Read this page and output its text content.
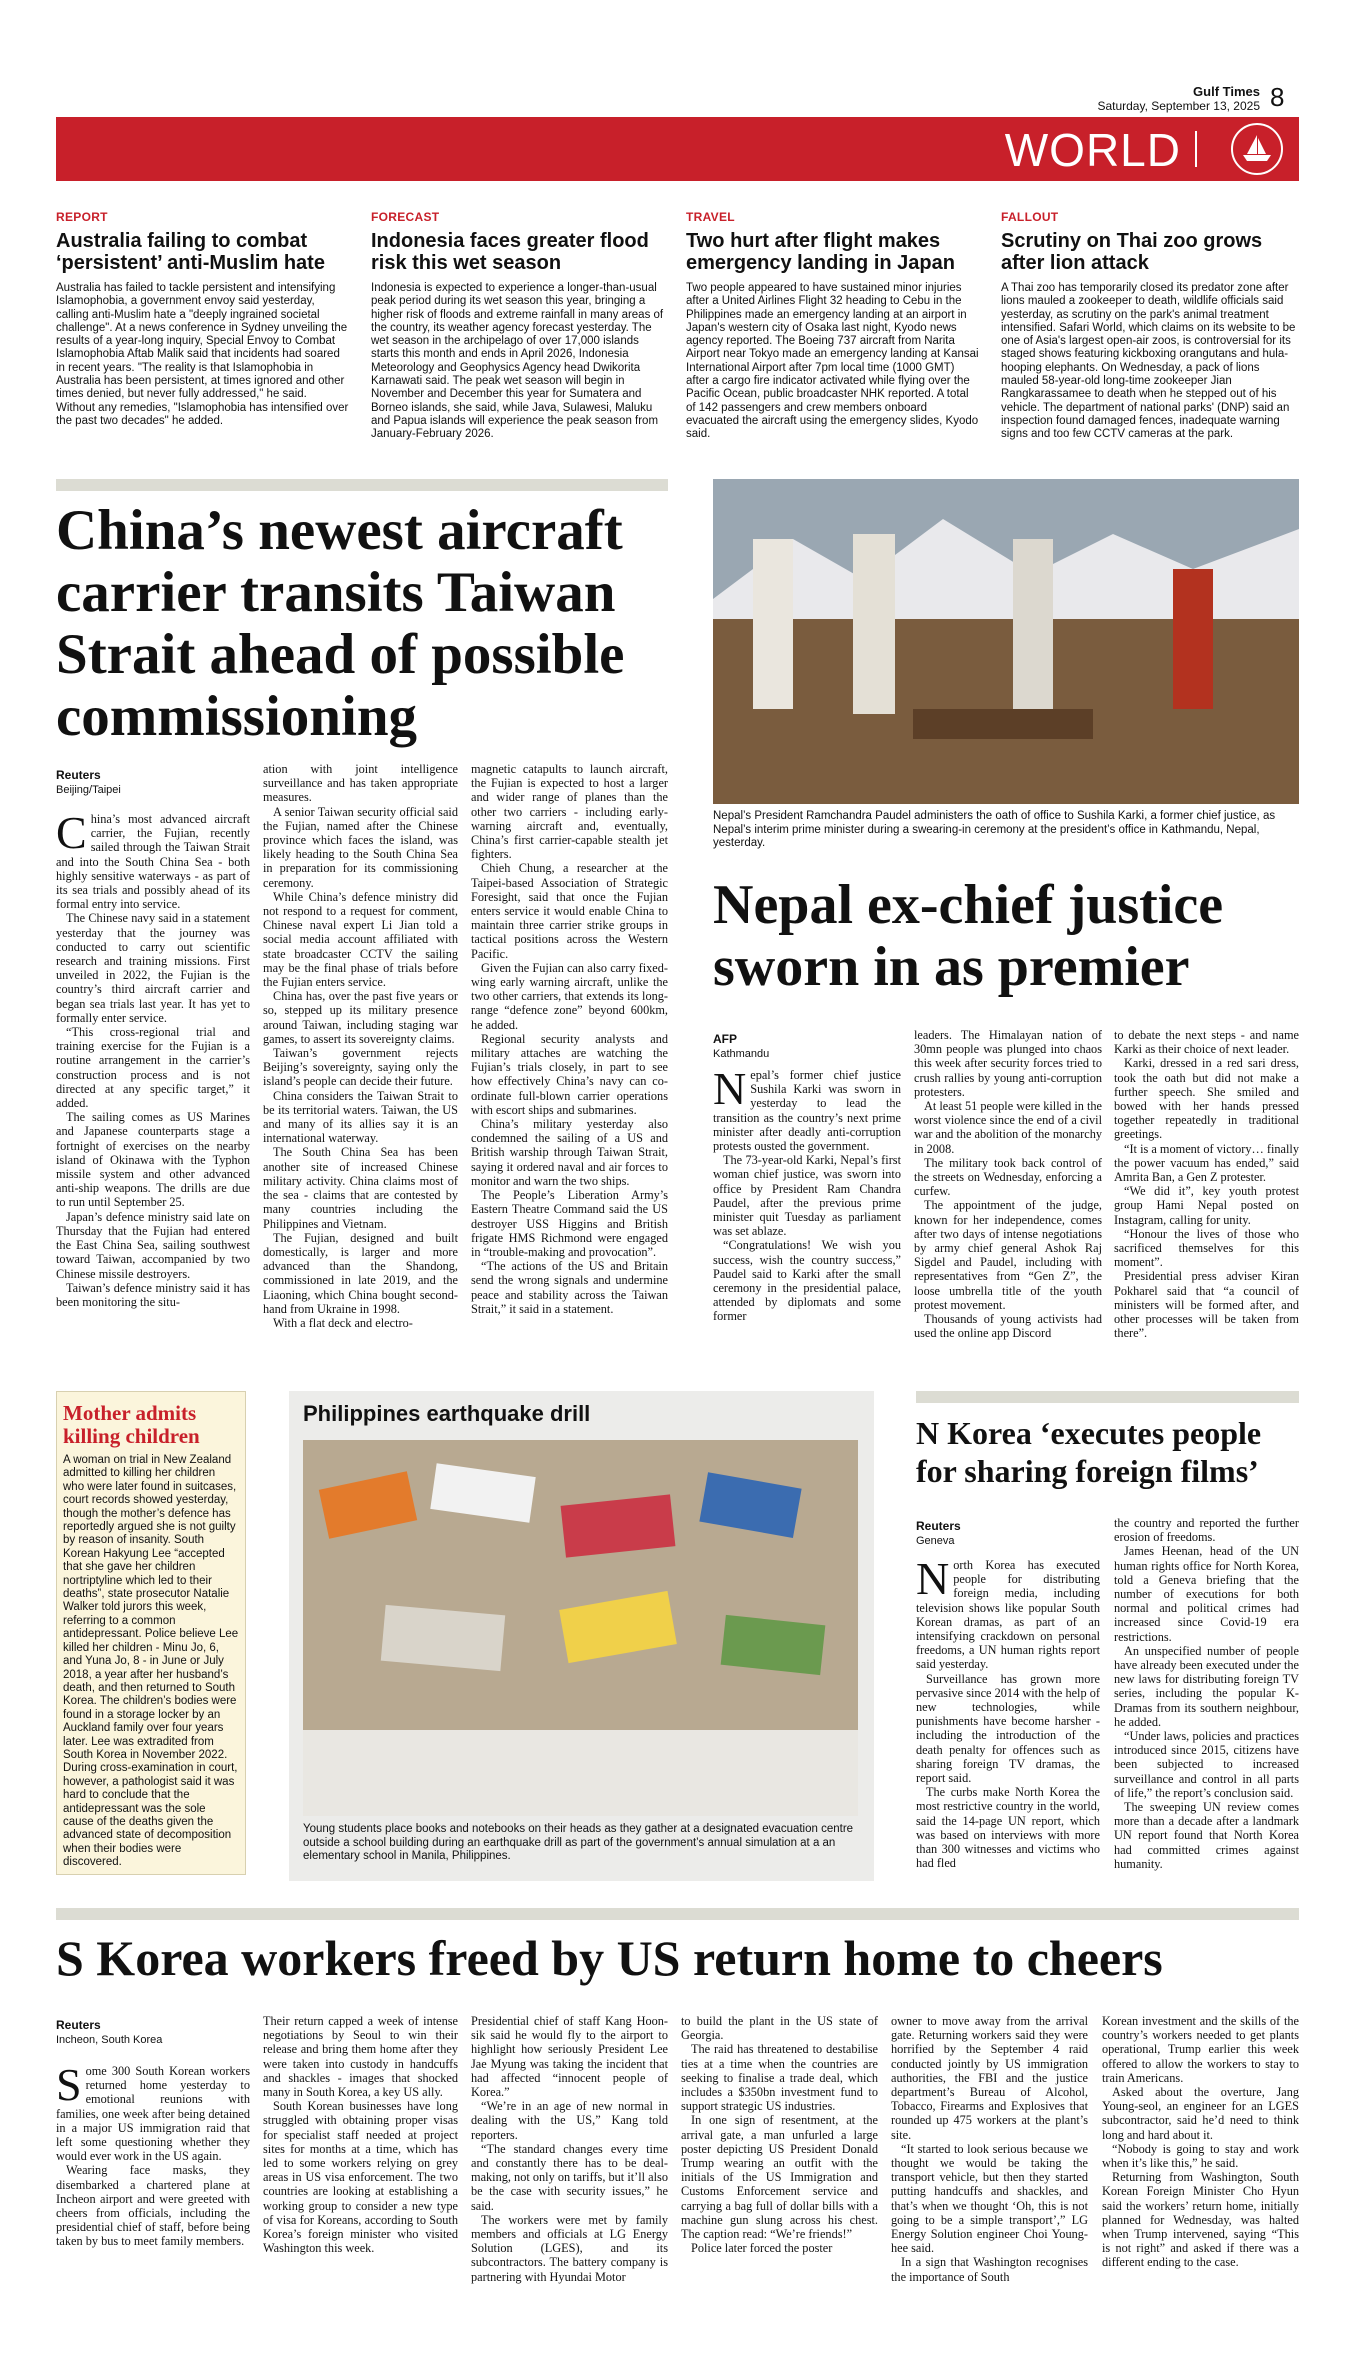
Gulf Times
Saturday, September 13, 2025 8
WORLD
REPORT
Australia failing to combat ‘persistent’ anti-Muslim hate
Australia has failed to tackle persistent and intensifying Islamophobia, a government envoy said yesterday, calling anti-Muslim hate a "deeply ingrained societal challenge". At a news conference in Sydney unveiling the results of a year-long inquiry, Special Envoy to Combat Islamophobia Aftab Malik said that incidents had soared in recent years. "The reality is that Islamophobia in Australia has been persistent, at times ignored and other times denied, but never fully addressed," he said. Without any remedies, "Islamophobia has intensified over the past two decades" he added.
FORECAST
Indonesia faces greater flood risk this wet season
Indonesia is expected to experience a longer-than-usual peak period during its wet season this year, bringing a higher risk of floods and extreme rainfall in many areas of the country, its weather agency forecast yesterday. The wet season in the archipelago of over 17,000 islands starts this month and ends in April 2026, Indonesia Meteorology and Geophysics Agency head Dwikorita Karnawati said. The peak wet season will begin in November and December this year for Sumatera and Borneo islands, she said, while Java, Sulawesi, Maluku and Papua islands will experience the peak season from January-February 2026.
TRAVEL
Two hurt after flight makes emergency landing in Japan
Two people appeared to have sustained minor injuries after a United Airlines Flight 32 heading to Cebu in the Philippines made an emergency landing at an airport in Japan's western city of Osaka last night, Kyodo news agency reported. The Boeing 737 aircraft from Narita Airport near Tokyo made an emergency landing at Kansai International Airport after 7pm local time (1000 GMT) after a cargo fire indicator activated while flying over the Pacific Ocean, public broadcaster NHK reported. A total of 142 passengers and crew members onboard evacuated the aircraft using the emergency slides, Kyodo said.
FALLOUT
Scrutiny on Thai zoo grows after lion attack
A Thai zoo has temporarily closed its predator zone after lions mauled a zookeeper to death, wildlife officials said yesterday, as scrutiny on the park's animal treatment intensified. Safari World, which claims on its website to be one of Asia's largest open-air zoos, is controversial for its staged shows featuring kickboxing orangutans and hula-hooping elephants. On Wednesday, a pack of lions mauled 58-year-old long-time zookeeper Jian Rangkarassamee to death when he stepped out of his vehicle. The department of national parks' (DNP) said an inspection found damaged fences, inadequate warning signs and too few CCTV cameras at the park.
China’s newest aircraft carrier transits Taiwan Strait ahead of possible commissioning
Reuters
Beijing/Taipei

China’s most advanced aircraft carrier, the Fujian, recently sailed through the Taiwan Strait and into the South China Sea - both highly sensitive waterways - as part of its sea trials and possibly ahead of its formal entry into service.

The Chinese navy said in a statement yesterday that the journey was conducted to carry out scientific research and training missions. First unveiled in 2022, the Fujian is the country’s third aircraft carrier and began sea trials last year. It has yet to formally enter service.

“This cross-regional trial and training exercise for the Fujian is a routine arrangement in the carrier’s construction process and is not directed at any specific target,” it added.

The sailing comes as US Marines and Japanese counterparts stage a fortnight of exercises on the nearby island of Okinawa with the Typhon missile system and other advanced anti-ship weapons. The drills are due to run until September 25.

Japan’s defence ministry said late on Thursday that the Fujian had entered the East China Sea, sailing southwest toward Taiwan, accompanied by two Chinese missile destroyers.

Taiwan’s defence ministry said it has been monitoring the situ-

ation with joint intelligence surveillance and has taken appropriate measures.

A senior Taiwan security official said the Fujian, named after the Chinese province which faces the island, was likely heading to the South China Sea in preparation for its commissioning ceremony.

While China’s defence ministry did not respond to a request for comment, Chinese naval expert Li Jian told a social media account affiliated with state broadcaster CCTV the sailing may be the final phase of trials before the Fujian enters service.

China has, over the past five years or so, stepped up its military presence around Taiwan, including staging war games, to assert its sovereignty claims.

Taiwan’s government rejects Beijing’s sovereignty, saying only the island’s people can decide their future.

China considers the Taiwan Strait to be its territorial waters. Taiwan, the US and many of its allies say it is an international waterway.

The South China Sea has been another site of increased Chinese military activity. China claims most of the sea - claims that are contested by many countries including the Philippines and Vietnam.

The Fujian, designed and built domestically, is larger and more advanced than the Shandong, commissioned in late 2019, and the Liaoning, which China bought second-hand from Ukraine in 1998.

With a flat deck and electro-

magnetic catapults to launch aircraft, the Fujian is expected to host a larger and wider range of planes than the other two carriers - including early-warning aircraft and, eventually, China’s first carrier-capable stealth jet fighters.

Chieh Chung, a researcher at the Taipei-based Association of Strategic Foresight, said that once the Fujian enters service it would enable China to maintain three carrier strike groups in tactical positions across the Western Pacific.

Given the Fujian can also carry fixed-wing early warning aircraft, unlike the two other carriers, that extends its long-range “defence zone” beyond 600km, he added.

Regional security analysts and military attaches are watching the Fujian’s trials closely, in part to see how effectively China’s navy can co-ordinate full-blown carrier operations with escort ships and submarines.

China’s military yesterday also condemned the sailing of a US and British warship through Taiwan Strait, saying it ordered naval and air forces to monitor and warn the two ships.

The People’s Liberation Army’s Eastern Theatre Command said the US destroyer USS Higgins and British frigate HMS Richmond were engaged in “trouble-making and provocation”.

“The actions of the US and Britain send the wrong signals and undermine peace and stability across the Taiwan Strait,” it said in a statement.

Nepal’s President Ramchandra Paudel administers the oath of office to Sushila Karki, a former chief justice, as Nepal’s interim prime minister during a swearing-in ceremony at the president’s office in Kathmandu, Nepal, yesterday.
Nepal ex-chief justice sworn in as premier
AFP
Kathmandu

Nepal’s former chief justice Sushila Karki was sworn in yesterday to lead the transition as the country’s next prime minister after deadly anti-corruption protests ousted the government.

The 73-year-old Karki, Nepal’s first woman chief justice, was sworn into office by President Ram Chandra Paudel, after the previous prime minister quit Tuesday as parliament was set ablaze.

“Congratulations! We wish you success, wish the country success,” Paudel said to Karki after the small ceremony in the presidential palace, attended by diplomats and some former

leaders. The Himalayan nation of 30mn people was plunged into chaos this week after security forces tried to crush rallies by young anti-corruption protesters.

At least 51 people were killed in the worst violence since the end of a civil war and the abolition of the monarchy in 2008.

The military took back control of the streets on Wednesday, enforcing a curfew.

The appointment of the judge, known for her independence, comes after two days of intense negotiations by army chief general Ashok Raj Sigdel and Paudel, including with representatives from “Gen Z”, the loose umbrella title of the youth protest movement.

Thousands of young activists had used the online app Discord

to debate the next steps - and name Karki as their choice of next leader.

Karki, dressed in a red sari dress, took the oath but did not make a further speech. She smiled and bowed with her hands pressed together repeatedly in traditional greetings.

“It is a moment of victory… finally the power vacuum has ended,” said Amrita Ban, a Gen Z protester.

“We did it”, key youth protest group Hami Nepal posted on Instagram, calling for unity.

“Honour the lives of those who sacrificed themselves for this moment”.

Presidential press adviser Kiran Pokharel said that “a council of ministers will be formed after, and other processes will be taken from there”.

Mother admits killing children
A woman on trial in New Zealand admitted to killing her children who were later found in suitcases, court records showed yesterday, though the mother’s defence has reportedly argued she is not guilty by reason of insanity. South Korean Hakyung Lee “accepted that she gave her children nortriptyline which led to their deaths”, state prosecutor Natalie Walker told jurors this week, referring to a common antidepressant. Police believe Lee killed her children - Minu Jo, 6, and Yuna Jo, 8 - in June or July 2018, a year after her husband’s death, and then returned to South Korea. The children’s bodies were found in a storage locker by an Auckland family over four years later. Lee was extradited from South Korea in November 2022. During cross-examination in court, however, a pathologist said it was hard to conclude that the antidepressant was the sole cause of the deaths given the advanced state of decomposition when their bodies were discovered.
Philippines earthquake drill
Young students place books and notebooks on their heads as they gather at a designated evacuation centre outside a school building during an earthquake drill as part of the government’s annual simulation at a an elementary school in Manila, Philippines.
N Korea ‘executes people for sharing foreign films’
Reuters
Geneva

North Korea has executed people for distributing foreign media, including television shows like popular South Korean dramas, as part of an intensifying crackdown on personal freedoms, a UN human rights report said yesterday.

Surveillance has grown more pervasive since 2014 with the help of new technologies, while punishments have become harsher - including the introduction of the death penalty for offences such as sharing foreign TV dramas, the report said.

The curbs make North Korea the most restrictive country in the world, said the 14-page UN report, which was based on interviews with more than 300 witnesses and victims who had fled

the country and reported the further erosion of freedoms.

James Heenan, head of the UN human rights office for North Korea, told a Geneva briefing that the number of executions for both normal and political crimes had increased since Covid-19 era restrictions.

An unspecified number of people have already been executed under the new laws for distributing foreign TV series, including the popular K-Dramas from its southern neighbour, he added.

“Under laws, policies and practices introduced since 2015, citizens have been subjected to increased surveillance and control in all parts of life,” the report’s conclusion said.

The sweeping UN review comes more than a decade after a landmark UN report found that North Korea had committed crimes against humanity.

S Korea workers freed by US return home to cheers
Reuters
Incheon, South Korea

Some 300 South Korean workers returned home yesterday to emotional reunions with families, one week after being detained in a major US immigration raid that left some questioning whether they would ever work in the US again.

Wearing face masks, they disembarked a chartered plane at Incheon airport and were greeted with cheers from officials, including the presidential chief of staff, before being taken by bus to meet family members.

Their return capped a week of intense negotiations by Seoul to win their release and bring them home after they were taken into custody in handcuffs and shackles - images that shocked many in South Korea, a key US ally.

South Korean businesses have long struggled with obtaining proper visas for specialist staff needed at project sites for months at a time, which has led to some workers relying on grey areas in US visa enforcement. The two countries are looking at establishing a working group to consider a new type of visa for Koreans, according to South Korea’s foreign minister who visited Washington this week.

Presidential chief of staff Kang Hoon-sik said he would fly to the airport to highlight how seriously President Lee Jae Myung was taking the incident that had affected “innocent people of Korea.”

“We’re in an age of new normal in dealing with the US,” Kang told reporters.

“The standard changes every time and constantly there has to be deal-making, not only on tariffs, but it’ll also be the case with security issues,” he said.

The workers were met by family members and officials at LG Energy Solution (LGES), and its subcontractors. The battery company is partnering with Hyundai Motor

to build the plant in the US state of Georgia.

The raid has threatened to destabilise ties at a time when the countries are seeking to finalise a trade deal, which includes a $350bn investment fund to support strategic US industries.

In one sign of resentment, at the arrival gate, a man unfurled a large poster depicting US President Donald Trump wearing an outfit with the initials of the US Immigration and Customs Enforcement service and carrying a bag full of dollar bills with a machine gun slung across his chest. The caption read: “We’re friends!”

Police later forced the poster

owner to move away from the arrival gate. Returning workers said they were horrified by the September 4 raid conducted jointly by US immigration authorities, the FBI and the justice department’s Bureau of Alcohol, Tobacco, Firearms and Explosives that rounded up 475 workers at the plant’s site.

“It started to look serious because we thought we would be taking the transport vehicle, but then they started putting handcuffs and shackles, and that’s when we thought ‘Oh, this is not going to be a simple transport’,” LG Energy Solution engineer Choi Young-hee said.

In a sign that Washington recognises the importance of South

Korean investment and the skills of the country’s workers needed to get plants operational, Trump earlier this week offered to allow the workers to stay to train Americans.

Asked about the overture, Jang Young-seol, an engineer for an LGES subcontractor, said he’d need to think long and hard about it.

“Nobody is going to stay and work when it’s like this,” he said.

Returning from Washington, South Korean Foreign Minister Cho Hyun said the workers’ return home, initially planned for Wednesday, was halted when Trump intervened, saying “This is not right” and asked if there was a different ending to the case.
